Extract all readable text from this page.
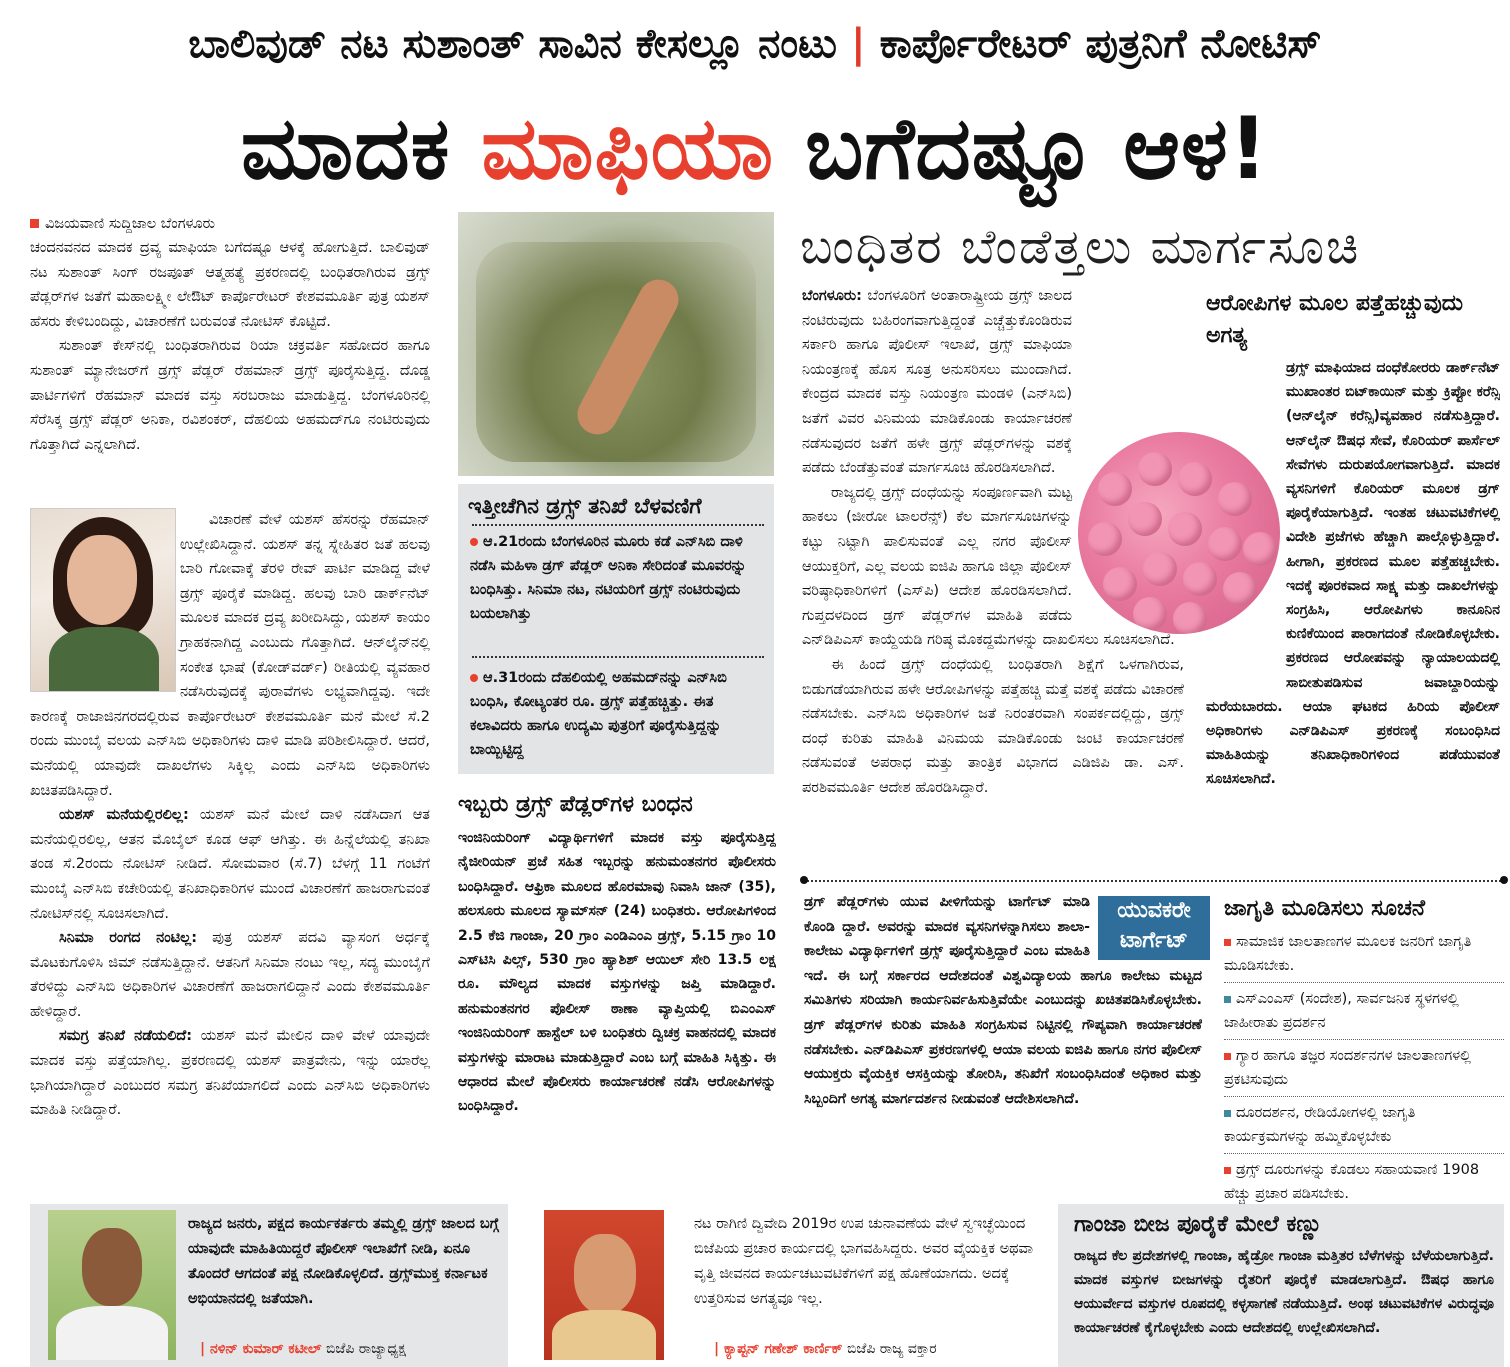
ಬಾಲಿವುಡ್ ನಟ ಸುಶಾಂತ್ ಸಾವಿನ ಕೇಸಲ್ಲೂ ನಂಟು | ಕಾರ್ಪೊರೇಟರ್ ಪುತ್ರನಿಗೆ ನೋಟಿಸ್
ಮಾದಕ ಮಾಫಿಯಾ ಬಗೆದಷ್ಟೂ ಆಳ!
ವಿಜಯವಾಣಿ ಸುದ್ದಿಜಾಲ ಬೆಂಗಳೂರು

ಚಂದನವನದ ಮಾದಕ ದ್ರವ್ಯ ಮಾಫಿಯಾ ಬಗೆದಷ್ಟೂ ಆಳಕ್ಕೆ ಹೋಗುತ್ತಿದೆ. ಬಾಲಿವುಡ್ ನಟ ಸುಶಾಂತ್ ಸಿಂಗ್ ರಜಪೂತ್ ಆತ್ಮಹತ್ಯೆ ಪ್ರಕರಣದಲ್ಲಿ ಬಂಧಿತರಾಗಿರುವ ಡ್ರಗ್ಸ್ ಪೆಡ್ಲರ್‌ಗಳ ಜತೆಗೆ ಮಹಾಲಕ್ಷ್ಮೀ ಲೇಔಟ್ ಕಾರ್ಪೊರೇಟರ್ ಕೇಶವಮೂರ್ತಿ ಪುತ್ರ ಯಶಸ್ ಹೆಸರು ಕೇಳಿಬಂದಿದ್ದು, ವಿಚಾರಣೆಗೆ ಬರುವಂತೆ ನೋಟಿಸ್ ಕೊಟ್ಟಿದೆ.

ಸುಶಾಂತ್ ಕೇಸ್‌ನಲ್ಲಿ ಬಂಧಿತರಾಗಿರುವ ರಿಯಾ ಚಕ್ರವರ್ತಿ ಸಹೋದರ ಹಾಗೂ ಸುಶಾಂತ್ ಮ್ಯಾನೇಜರ್‌ಗೆ ಡ್ರಗ್ಸ್ ಪೆಡ್ಲರ್ ರೆಹಮಾನ್ ಡ್ರಗ್ಸ್ ಪೂರೈಸುತ್ತಿದ್ದ. ದೊಡ್ಡ ಪಾರ್ಟಿಗಳಿಗೆ ರೆಹಮಾನ್ ಮಾದಕ ವಸ್ತು ಸರಬರಾಜು ಮಾಡುತ್ತಿದ್ದ. ಬೆಂಗಳೂರಿನಲ್ಲಿ ಸೆರೆಸಿಕ್ಕ ಡ್ರಗ್ಸ್ ಪೆಡ್ಲರ್ ಅನಿಕಾ, ರವಿಶಂಕರ್, ದೆಹಲಿಯ ಅಹಮದ್‌ಗೂ ನಂಟಿರುವುದು ಗೊತ್ತಾಗಿದೆ ಎನ್ನಲಾಗಿದೆ.

ವಿಚಾರಣೆ ವೇಳೆ ಯಶಸ್ ಹೆಸರನ್ನು ರೆಹಮಾನ್ ಉಲ್ಲೇಖಿಸಿದ್ದಾನೆ. ಯಶಸ್ ತನ್ನ ಸ್ನೇಹಿತರ ಜತೆ ಹಲವು ಬಾರಿ ಗೋವಾಕ್ಕೆ ತೆರಳಿ ರೇವ್ ಪಾರ್ಟಿ ಮಾಡಿದ್ದ ವೇಳೆ ಡ್ರಗ್ಸ್ ಪೂರೈಕೆ ಮಾಡಿದ್ದ. ಹಲವು ಬಾರಿ ಡಾರ್ಕ್‌ನೆಟ್ ಮೂಲಕ ಮಾದಕ ದ್ರವ್ಯ ಖರೀದಿಸಿದ್ದು, ಯಶಸ್ ಕಾಯಂ ಗ್ರಾಹಕನಾಗಿದ್ದ ಎಂಬುದು ಗೊತ್ತಾಗಿದೆ. ಆನ್‌ಲೈನ್‌ನಲ್ಲಿ ಸಂಕೇತ ಭಾಷೆ (ಕೋಡ್‌ವರ್ಡ್) ರೀತಿಯಲ್ಲಿ ವ್ಯವಹಾರ ನಡೆಸಿರುವುದಕ್ಕೆ ಪುರಾವೆಗಳು ಲಭ್ಯವಾಗಿದ್ದವು. ಇದೇ ಕಾರಣಕ್ಕೆ ರಾಜಾಜಿನಗರದಲ್ಲಿರುವ ಕಾರ್ಪೊರೇಟರ್ ಕೇಶವಮೂರ್ತಿ ಮನೆ ಮೇಲೆ ಸೆ.2 ರಂದು ಮುಂಬೈ ವಲಯ ಎನ್‌ಸಿಬಿ ಅಧಿಕಾರಿಗಳು ದಾಳಿ ಮಾಡಿ ಪರಿಶೀಲಿಸಿದ್ದಾರೆ. ಆದರೆ, ಮನೆಯಲ್ಲಿ ಯಾವುದೇ ದಾಖಲೆಗಳು ಸಿಕ್ಕಿಲ್ಲ ಎಂದು ಎನ್‌ಸಿಬಿ ಅಧಿಕಾರಿಗಳು ಖಚಿತಪಡಿಸಿದ್ದಾರೆ.

ಯಶಸ್ ಮನೆಯಲ್ಲಿರಲಿಲ್ಲ: ಯಶಸ್ ಮನೆ ಮೇಲೆ ದಾಳಿ ನಡೆಸಿದಾಗ ಆತ ಮನೆಯಲ್ಲಿರಲಿಲ್ಲ, ಆತನ ಮೊಬೈಲ್ ಕೂಡ ಆಫ್ ಆಗಿತ್ತು. ಈ ಹಿನ್ನೆಲೆಯಲ್ಲಿ ತನಿಖಾ ತಂಡ ಸೆ.2ರಂದು ನೋಟಿಸ್ ನೀಡಿದೆ. ಸೋಮವಾರ (ಸೆ.7) ಬೆಳಗ್ಗೆ 11 ಗಂಟೆಗೆ ಮುಂಬೈ ಎನ್‌ಸಿಬಿ ಕಚೇರಿಯಲ್ಲಿ ತನಿಖಾಧಿಕಾರಿಗಳ ಮುಂದೆ ವಿಚಾರಣೆಗೆ ಹಾಜರಾಗುವಂತೆ ನೋಟಿಸ್‌ನಲ್ಲಿ ಸೂಚಿಸಲಾಗಿದೆ.

ಸಿನಿಮಾ ರಂಗದ ನಂಟಿಲ್ಲ: ಪುತ್ರ ಯಶಸ್ ಪದವಿ ವ್ಯಾಸಂಗ ಅರ್ಧಕ್ಕೆ ಮೊಟಕುಗೊಳಿಸಿ ಜಿಮ್ ನಡೆಸುತ್ತಿದ್ದಾನೆ. ಆತನಿಗೆ ಸಿನಿಮಾ ನಂಟು ಇಲ್ಲ, ಸದ್ಯ ಮುಂಬೈಗೆ ತೆರಳಿದ್ದು ಎನ್‌ಸಿಬಿ ಅಧಿಕಾರಿಗಳ ವಿಚಾರಣೆಗೆ ಹಾಜರಾಗಲಿದ್ದಾನೆ ಎಂದು ಕೇಶವಮೂರ್ತಿ ಹೇಳಿದ್ದಾರೆ.

ಸಮಗ್ರ ತನಿಖೆ ನಡೆಯಲಿದೆ: ಯಶಸ್ ಮನೆ ಮೇಲಿನ ದಾಳಿ ವೇಳೆ ಯಾವುದೇ ಮಾದಕ ವಸ್ತು ಪತ್ತೆಯಾಗಿಲ್ಲ. ಪ್ರಕರಣದಲ್ಲಿ ಯಶಸ್ ಪಾತ್ರವೇನು, ಇನ್ನು ಯಾರೆಲ್ಲ ಭಾಗಿಯಾಗಿದ್ದಾರೆ ಎಂಬುದರ ಸಮಗ್ರ ತನಿಖೆಯಾಗಲಿದೆ ಎಂದು ಎನ್‌ಸಿಬಿ ಅಧಿಕಾರಿಗಳು ಮಾಹಿತಿ ನೀಡಿದ್ದಾರೆ.

ಇತ್ತೀಚೆಗಿನ ಡ್ರಗ್ಸ್ ತನಿಖೆ ಬೆಳವಣಿಗೆ
ಆ.21ರಂದು ಬೆಂಗಳೂರಿನ ಮೂರು ಕಡೆ ಎನ್‌ಸಿಬಿ ದಾಳಿ ನಡೆಸಿ ಮಹಿಳಾ ಡ್ರಗ್ ಪೆಡ್ಲರ್ ಅನಿಕಾ ಸೇರಿದಂತೆ ಮೂವರನ್ನು ಬಂಧಿಸಿತ್ತು. ಸಿನಿಮಾ ನಟ, ನಟಿಯರಿಗೆ ಡ್ರಗ್ಸ್ ನಂಟಿರುವುದು ಬಯಲಾಗಿತ್ತು
ಆ.31ರಂದು ದೆಹಲಿಯಲ್ಲಿ ಅಹಮದ್‌ನನ್ನು ಎನ್‌ಸಿಬಿ ಬಂಧಿಸಿ, ಕೋಟ್ಯಂತರ ರೂ. ಡ್ರಗ್ಸ್ ಪತ್ತೆಹಚ್ಚಿತ್ತು. ಈತ ಕಲಾವಿದರು ಹಾಗೂ ಉದ್ಯಮಿ ಪುತ್ರರಿಗೆ ಪೂರೈಸುತ್ತಿದ್ದನ್ನು ಬಾಯ್ಬಿಟ್ಟಿದ್ದ
ಇಬ್ಬರು ಡ್ರಗ್ಸ್ ಪೆಡ್ಲರ್‌ಗಳ ಬಂಧನ

ಇಂಜಿನಿಯರಿಂಗ್ ವಿದ್ಯಾರ್ಥಿಗಳಿಗೆ ಮಾದಕ ವಸ್ತು ಪೂರೈಸುತ್ತಿದ್ದ ನೈಜೀರಿಯನ್ ಪ್ರಜೆ ಸಹಿತ ಇಬ್ಬರನ್ನು ಹನುಮಂತನಗರ ಪೊಲೀಸರು ಬಂಧಿಸಿದ್ದಾರೆ. ಆಫ್ರಿಕಾ ಮೂಲದ ಹೊರಮಾವು ನಿವಾಸಿ ಜಾನ್ (35), ಹಲಸೂರು ಮೂಲದ ಸ್ಯಾಮ್‌ಸನ್ (24) ಬಂಧಿತರು. ಆರೋಪಿಗಳಿಂದ 2.5 ಕೆಜಿ ಗಾಂಜಾ, 20 ಗ್ರಾಂ ಎಂಡಿಎಂಎ ಡ್ರಗ್ಸ್, 5.15 ಗ್ರಾಂ 10 ಎಸ್‌ಟಿಸಿ ಪಿಲ್ಸ್, 530 ಗ್ರಾಂ ಹ್ಯಾಶಿಶ್ ಆಯಿಲ್ ಸೇರಿ 13.5 ಲಕ್ಷ ರೂ. ಮೌಲ್ಯದ ಮಾದಕ ವಸ್ತುಗಳನ್ನು ಜಪ್ತಿ ಮಾಡಿದ್ದಾರೆ. ಹನುಮಂತನಗರ ಪೊಲೀಸ್ ಠಾಣಾ ವ್ಯಾಪ್ತಿಯಲ್ಲಿ ಬಿಎಂಎಸ್ ಇಂಜಿನಿಯರಿಂಗ್ ಹಾಸ್ಟೆಲ್ ಬಳಿ ಬಂಧಿತರು ದ್ವಿಚಕ್ರ ವಾಹನದಲ್ಲಿ ಮಾದಕ ವಸ್ತುಗಳನ್ನು ಮಾರಾಟ ಮಾಡುತ್ತಿದ್ದಾರೆ ಎಂಬ ಬಗ್ಗೆ ಮಾಹಿತಿ ಸಿಕ್ಕಿತ್ತು. ಈ ಆಧಾರದ ಮೇಲೆ ಪೊಲೀಸರು ಕಾರ್ಯಾಚರಣೆ ನಡೆಸಿ ಆರೋಪಿಗಳನ್ನು ಬಂಧಿಸಿದ್ದಾರೆ.

ಬಂಧಿತರ ಬೆಂಡೆತ್ತಲು ಮಾರ್ಗಸೂಚಿ

ಬೆಂಗಳೂರು: ಬೆಂಗಳೂರಿಗೆ ಅಂತಾರಾಷ್ಟ್ರೀಯ ಡ್ರಗ್ಸ್ ಜಾಲದ ನಂಟಿರುವುದು ಬಹಿರಂಗವಾಗುತ್ತಿದ್ದಂತೆ ಎಚ್ಚೆತ್ತುಕೊಂಡಿರುವ ಸರ್ಕಾರಿ ಹಾಗೂ ಪೊಲೀಸ್ ಇಲಾಖೆ, ಡ್ರಗ್ಸ್ ಮಾಫಿಯಾ ನಿಯಂತ್ರಣಕ್ಕೆ ಹೊಸ ಸೂತ್ರ ಅನುಸರಿಸಲು ಮುಂದಾಗಿದೆ. ಕೇಂದ್ರದ ಮಾದಕ ವಸ್ತು ನಿಯಂತ್ರಣ ಮಂಡಳಿ (ಎನ್‌ಸಿಬಿ) ಜತೆಗೆ ವಿವರ ವಿನಿಮಯ ಮಾಡಿಕೊಂಡು ಕಾರ್ಯಾಚರಣೆ ನಡೆಸುವುದರ ಜತೆಗೆ ಹಳೇ ಡ್ರಗ್ಸ್ ಪೆಡ್ಲರ್‌ಗಳನ್ನು ವಶಕ್ಕೆ ಪಡೆದು ಬೆಂಡೆತ್ತುವಂತೆ ಮಾರ್ಗಸೂಚಿ ಹೊರಡಿಸಲಾಗಿದೆ.

ರಾಜ್ಯದಲ್ಲಿ ಡ್ರಗ್ಸ್ ದಂಧೆಯನ್ನು ಸಂಪೂರ್ಣವಾಗಿ ಮಟ್ಟ ಹಾಕಲು (ಜೀರೋ ಟಾಲರೆನ್ಸ್) ಕೆಲ ಮಾರ್ಗಸೂಚಿಗಳನ್ನು ಕಟ್ಟು ನಿಟ್ಟಾಗಿ ಪಾಲಿಸುವಂತೆ ಎಲ್ಲ ನಗರ ಪೊಲೀಸ್ ಆಯುಕ್ತರಿಗೆ, ಎಲ್ಲ ವಲಯ ಐಜಿಪಿ ಹಾಗೂ ಜಿಲ್ಲಾ ಪೊಲೀಸ್ ವರಿಷ್ಠಾಧಿಕಾರಿಗಳಿಗೆ (ಎಸ್‌ಪಿ) ಆದೇಶ ಹೊರಡಿಸಲಾಗಿದೆ. ಗುಪ್ತದಳದಿಂದ ಡ್ರಗ್ ಪೆಡ್ಲರ್‌ಗಳ ಮಾಹಿತಿ ಪಡೆದು ಎನ್‌ಡಿಪಿಎಸ್ ಕಾಯ್ದೆಯಡಿ ಗರಿಷ್ಠ ಮೊಕದ್ದಮೆಗಳನ್ನು ದಾಖಲಿಸಲು ಸೂಚಿಸಲಾಗಿದೆ.

ಈ ಹಿಂದೆ ಡ್ರಗ್ಸ್ ದಂಧೆಯಲ್ಲಿ ಬಂಧಿತರಾಗಿ ಶಿಕ್ಷೆಗೆ ಒಳಗಾಗಿರುವ, ಬಿಡುಗಡೆಯಾಗಿರುವ ಹಳೇ ಆರೋಪಿಗಳನ್ನು ಪತ್ತೆಹಚ್ಚಿ ಮತ್ತೆ ವಶಕ್ಕೆ ಪಡೆದು ವಿಚಾರಣೆ ನಡೆಸಬೇಕು. ಎನ್‌ಸಿಬಿ ಅಧಿಕಾರಿಗಳ ಜತೆ ನಿರಂತರವಾಗಿ ಸಂಪರ್ಕದಲ್ಲಿದ್ದು, ಡ್ರಗ್ಸ್ ದಂಧೆ ಕುರಿತು ಮಾಹಿತಿ ವಿನಿಮಯ ಮಾಡಿಕೊಂಡು ಜಂಟಿ ಕಾರ್ಯಾಚರಣೆ ನಡೆಸುವಂತೆ ಅಪರಾಧ ಮತ್ತು ತಾಂತ್ರಿಕ ವಿಭಾಗದ ಎಡಿಜಿಪಿ ಡಾ. ಎಸ್. ಪರಶಿವಮೂರ್ತಿ ಆದೇಶ ಹೊರಡಿಸಿದ್ದಾರೆ.

ಆರೋಪಿಗಳ ಮೂಲ ಪತ್ತೆಹಚ್ಚುವುದು ಅಗತ್ಯ

ಡ್ರಗ್ಸ್ ಮಾಫಿಯಾದ ದಂಧೆಕೋರರು ಡಾರ್ಕ್‌ನೆಟ್ ಮುಖಾಂತರ ಬಿಟ್‌ಕಾಯಿನ್ ಮತ್ತು ಕ್ರಿಪ್ಟೋ ಕರೆನ್ಸಿ (ಆನ್‌ಲೈನ್ ಕರೆನ್ಸಿ)ವ್ಯವಹಾರ ನಡೆಸುತ್ತಿದ್ದಾರೆ. ಆನ್‌ಲೈನ್ ಔಷಧ ಸೇವೆ, ಕೊರಿಯರ್ ಪಾರ್ಸೆಲ್ ಸೇವೆಗಳು ದುರುಪಯೋಗವಾಗುತ್ತಿದೆ. ಮಾದಕ ವ್ಯಸನಿಗಳಿಗೆ ಕೊರಿಯರ್ ಮೂಲಕ ಡ್ರಗ್ ಪೂರೈಕೆಯಾಗುತ್ತಿದೆ. ಇಂತಹ ಚಟುವಟಿಕೆಗಳಲ್ಲಿ ವಿದೇಶಿ ಪ್ರಜೆಗಳು ಹೆಚ್ಚಾಗಿ ಪಾಲ್ಗೊಳ್ಳುತ್ತಿದ್ದಾರೆ. ಹೀಗಾಗಿ, ಪ್ರಕರಣದ ಮೂಲ ಪತ್ತೆಹಚ್ಚಬೇಕು. ಇದಕ್ಕೆ ಪೂರಕವಾದ ಸಾಕ್ಷ್ಯ ಮತ್ತು ದಾಖಲೆಗಳನ್ನು ಸಂಗ್ರಹಿಸಿ, ಆರೋಪಿಗಳು ಕಾನೂನಿನ ಕುಣಿಕೆಯಿಂದ ಪಾರಾಗದಂತೆ ನೋಡಿಕೊಳ್ಳಬೇಕು. ಪ್ರಕರಣದ ಆರೋಪವನ್ನು ನ್ಯಾಯಾಲಯದಲ್ಲಿ ಸಾಬೀತುಪಡಿಸುವ ಜವಾಬ್ದಾರಿಯನ್ನು ಮರೆಯಬಾರದು. ಆಯಾ ಘಟಕದ ಹಿರಿಯ ಪೊಲೀಸ್ ಅಧಿಕಾರಿಗಳು ಎನ್‌ಡಿಪಿಎಸ್ ಪ್ರಕರಣಕ್ಕೆ ಸಂಬಂಧಿಸಿದ ಮಾಹಿತಿಯನ್ನು ತನಿಖಾಧಿಕಾರಿಗಳಿಂದ ಪಡೆಯುವಂತೆ ಸೂಚಿಸಲಾಗಿದೆ.

ಯುವಕರೇ
ಟಾರ್ಗೆಟ್

ಡ್ರಗ್ ಪೆಡ್ಲರ್‌ಗಳು ಯುವ ಪೀಳಿಗೆಯನ್ನು ಟಾರ್ಗೆಟ್ ಮಾಡಿ ಕೊಂಡಿ ದ್ದಾರೆ. ಅವರನ್ನು ಮಾದಕ ವ್ಯಸನಿಗಳನ್ನಾಗಿಸಲು ಶಾಲಾ-ಕಾಲೇಜು ವಿದ್ಯಾರ್ಥಿಗಳಿಗೆ ಡ್ರಗ್ಸ್ ಪೂರೈಸುತ್ತಿದ್ದಾರೆ ಎಂಬ ಮಾಹಿತಿ ಇದೆ. ಈ ಬಗ್ಗೆ ಸರ್ಕಾರದ ಆದೇಶದಂತೆ ವಿಶ್ವವಿದ್ಯಾಲಯ ಹಾಗೂ ಕಾಲೇಜು ಮಟ್ಟದ ಸಮಿತಿಗಳು ಸರಿಯಾಗಿ ಕಾರ್ಯನಿರ್ವಹಿಸುತ್ತಿವೆಯೇ ಎಂಬುದನ್ನು ಖಚಿತಪಡಿಸಿಕೊಳ್ಳಬೇಕು. ಡ್ರಗ್ ಪೆಡ್ಲರ್‌ಗಳ ಕುರಿತು ಮಾಹಿತಿ ಸಂಗ್ರಹಿಸುವ ನಿಟ್ಟಿನಲ್ಲಿ ಗೌಪ್ಯವಾಗಿ ಕಾರ್ಯಾಚರಣೆ ನಡೆಸಬೇಕು. ಎನ್‌ಡಿಪಿಎಸ್ ಪ್ರಕರಣಗಳಲ್ಲಿ ಆಯಾ ವಲಯ ಐಜಿಪಿ ಹಾಗೂ ನಗರ ಪೊಲೀಸ್ ಆಯುಕ್ತರು ವೈಯಕ್ತಿಕ ಆಸಕ್ತಿಯನ್ನು ತೋರಿಸಿ, ತನಿಖೆಗೆ ಸಂಬಂಧಿಸಿದಂತೆ ಅಧಿಕಾರ ಮತ್ತು ಸಿಬ್ಬಂದಿಗೆ ಅಗತ್ಯ ಮಾರ್ಗದರ್ಶನ ನೀಡುವಂತೆ ಆದೇಶಿಸಲಾಗಿದೆ.

ಜಾಗೃತಿ ಮೂಡಿಸಲು ಸೂಚನೆ
ಸಾಮಾಜಿಕ ಜಾಲತಾಣಗಳ ಮೂಲಕ ಜನರಿಗೆ ಜಾಗೃತಿ ಮೂಡಿಸಬೇಕು.
ಎಸ್‌ಎಂಎಸ್ (ಸಂದೇಶ), ಸಾರ್ವಜನಿಕ ಸ್ಥಳಗಳಲ್ಲಿ ಜಾಹೀರಾತು ಪ್ರದರ್ಶನ
ಗ್ಯಾರ ಹಾಗೂ ತಜ್ಞರ ಸಂದರ್ಶನಗಳ ಜಾಲತಾಣಗಳಲ್ಲಿ ಪ್ರಕಟಿಸುವುದು
ದೂರದರ್ಶನ, ರೇಡಿಯೋಗಳಲ್ಲಿ ಜಾಗೃತಿ ಕಾರ್ಯಕ್ರಮಗಳನ್ನು ಹಮ್ಮಿಕೊಳ್ಳಬೇಕು
ಡ್ರಗ್ಸ್ ದೂರುಗಳನ್ನು ಕೊಡಲು ಸಹಾಯವಾಣಿ 1908 ಹೆಚ್ಚು ಪ್ರಚಾರ ಪಡಿಸಬೇಕು.
ರಾಜ್ಯದ ಜನರು, ಪಕ್ಷದ ಕಾರ್ಯಕರ್ತರು ತಮ್ಮಲ್ಲಿ ಡ್ರಗ್ಸ್ ಜಾಲದ ಬಗ್ಗೆ ಯಾವುದೇ ಮಾಹಿತಿಯಿದ್ದರೆ ಪೊಲೀಸ್ ಇಲಾಖೆಗೆ ನೀಡಿ, ಏನೂ ತೊಂದರೆ ಆಗದಂತೆ ಪಕ್ಷ ನೋಡಿಕೊಳ್ಳಲಿದೆ. ಡ್ರಗ್ಸ್‌ಮುಕ್ತ ಕರ್ನಾಟಕ ಅಭಿಯಾನದಲ್ಲಿ ಜತೆಯಾಗಿ.
| ನಳಿನ್ ಕುಮಾರ್ ಕಟೀಲ್ ಬಿಜೆಪಿ ರಾಜ್ಯಾಧ್ಯಕ್ಷ
ನಟ ರಾಗಿಣಿ ದ್ವಿವೇದಿ 2019ರ ಉಪ ಚುನಾವಣೆಯ ವೇಳೆ ಸ್ವಇಚ್ಛೆಯಿಂದ ಬಿಜೆಪಿಯ ಪ್ರಚಾರ ಕಾರ್ಯದಲ್ಲಿ ಭಾಗವಹಿಸಿದ್ದರು. ಅವರ ವೈಯಕ್ತಿಕ ಅಥವಾ ವೃತ್ತಿ ಜೀವನದ ಕಾರ್ಯಚಟುವಟಿಕೆಗಳಿಗೆ ಪಕ್ಷ ಹೊಣೆಯಾಗದು. ಅದಕ್ಕೆ ಉತ್ತರಿಸುವ ಅಗತ್ಯವೂ ಇಲ್ಲ.
| ಕ್ಯಾಪ್ಟನ್ ಗಣೇಶ್ ಕಾರ್ಣಿಕ್ ಬಿಜೆಪಿ ರಾಜ್ಯ ವಕ್ತಾರ
ಗಾಂಜಾ ಬೀಜ ಪೂರೈಕೆ ಮೇಲೆ ಕಣ್ಣು

ರಾಜ್ಯದ ಕೆಲ ಪ್ರದೇಶಗಳಲ್ಲಿ ಗಾಂಜಾ, ಹೈಡ್ರೋ ಗಾಂಜಾ ಮತ್ತಿತರ ಬೆಳೆಗಳನ್ನು ಬೆಳೆಯಲಾಗುತ್ತಿದೆ. ಮಾದಕ ವಸ್ತುಗಳ ಬೀಜಗಳನ್ನು ರೈತರಿಗೆ ಪೂರೈಕೆ ಮಾಡಲಾಗುತ್ತಿದೆ. ಔಷಧ ಹಾಗೂ ಆಯುರ್ವೇದ ವಸ್ತುಗಳ ರೂಪದಲ್ಲಿ ಕಳ್ಳಸಾಗಣೆ ನಡೆಯುತ್ತಿದೆ. ಅಂಥ ಚಟುವಟಿಕೆಗಳ ವಿರುದ್ಧವೂ ಕಾರ್ಯಾಚರಣೆ ಕೈಗೊಳ್ಳಬೇಕು ಎಂದು ಆದೇಶದಲ್ಲಿ ಉಲ್ಲೇಖಿಸಲಾಗಿದೆ.
